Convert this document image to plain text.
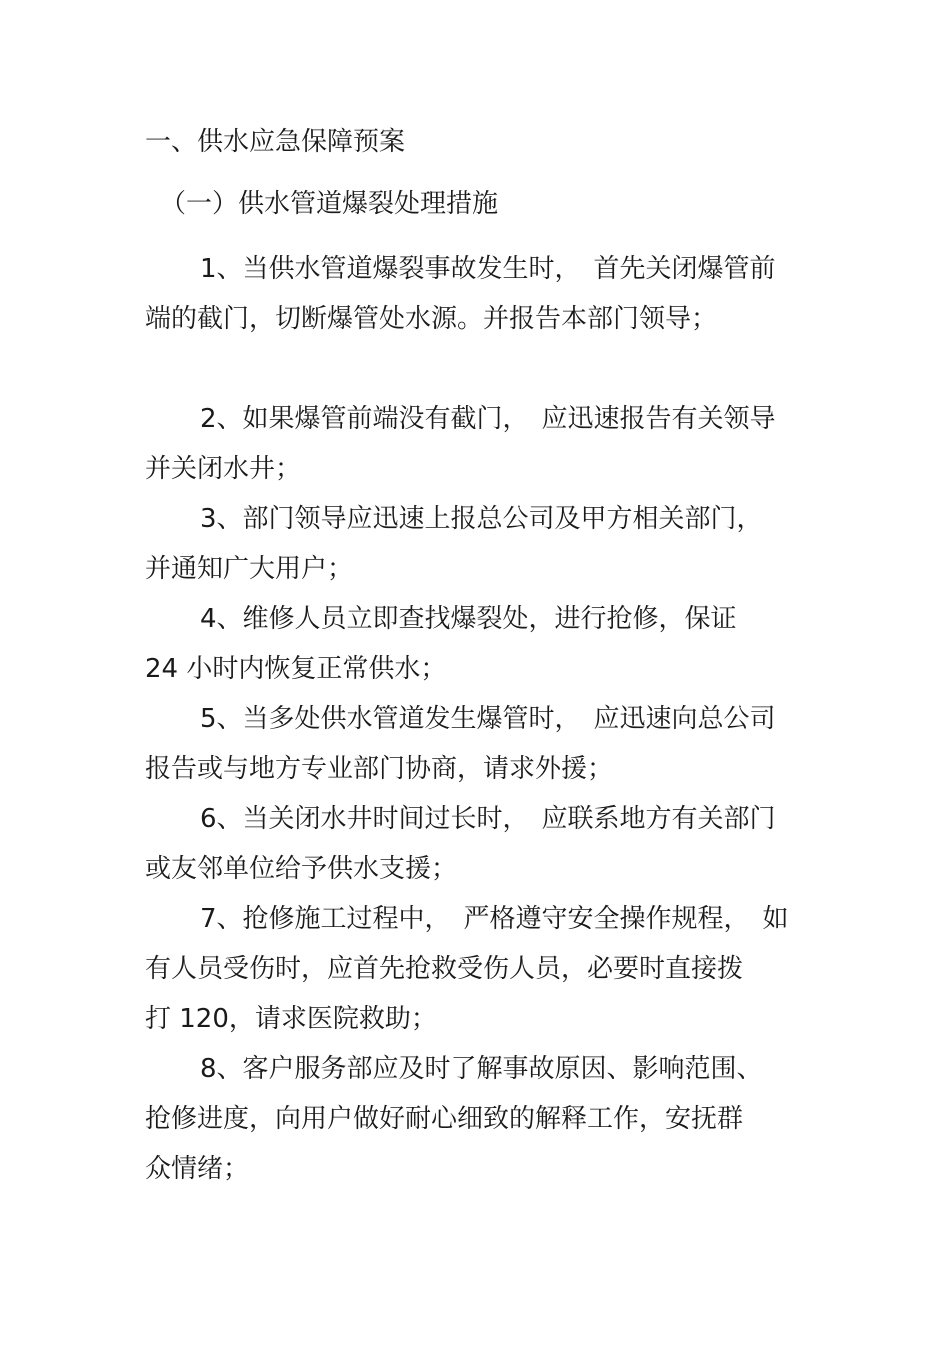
一、供水应急保障预案

（一）供水管道爆裂处理措施

1、当供水管道爆裂事故发生时，　首先关闭爆管前

端的截门，切断爆管处水源。并报告本部门领导；

2、如果爆管前端没有截门，　应迅速报告有关领导

并关闭水井；

3、部门领导应迅速上报总公司及甲方相关部门，

并通知广大用户；

4、维修人员立即查找爆裂处，进行抢修，保证

24 小时内恢复正常供水；

5、当多处供水管道发生爆管时，　应迅速向总公司

报告或与地方专业部门协商，请求外援；

6、当关闭水井时间过长时，　应联系地方有关部门

或友邻单位给予供水支援；

7、抢修施工过程中，　严格遵守安全操作规程，　如

有人员受伤时，应首先抢救受伤人员，必要时直接拨

打 120，请求医院救助；

8、客户服务部应及时了解事故原因、影响范围、

抢修进度，向用户做好耐心细致的解释工作，安抚群

众情绪；
